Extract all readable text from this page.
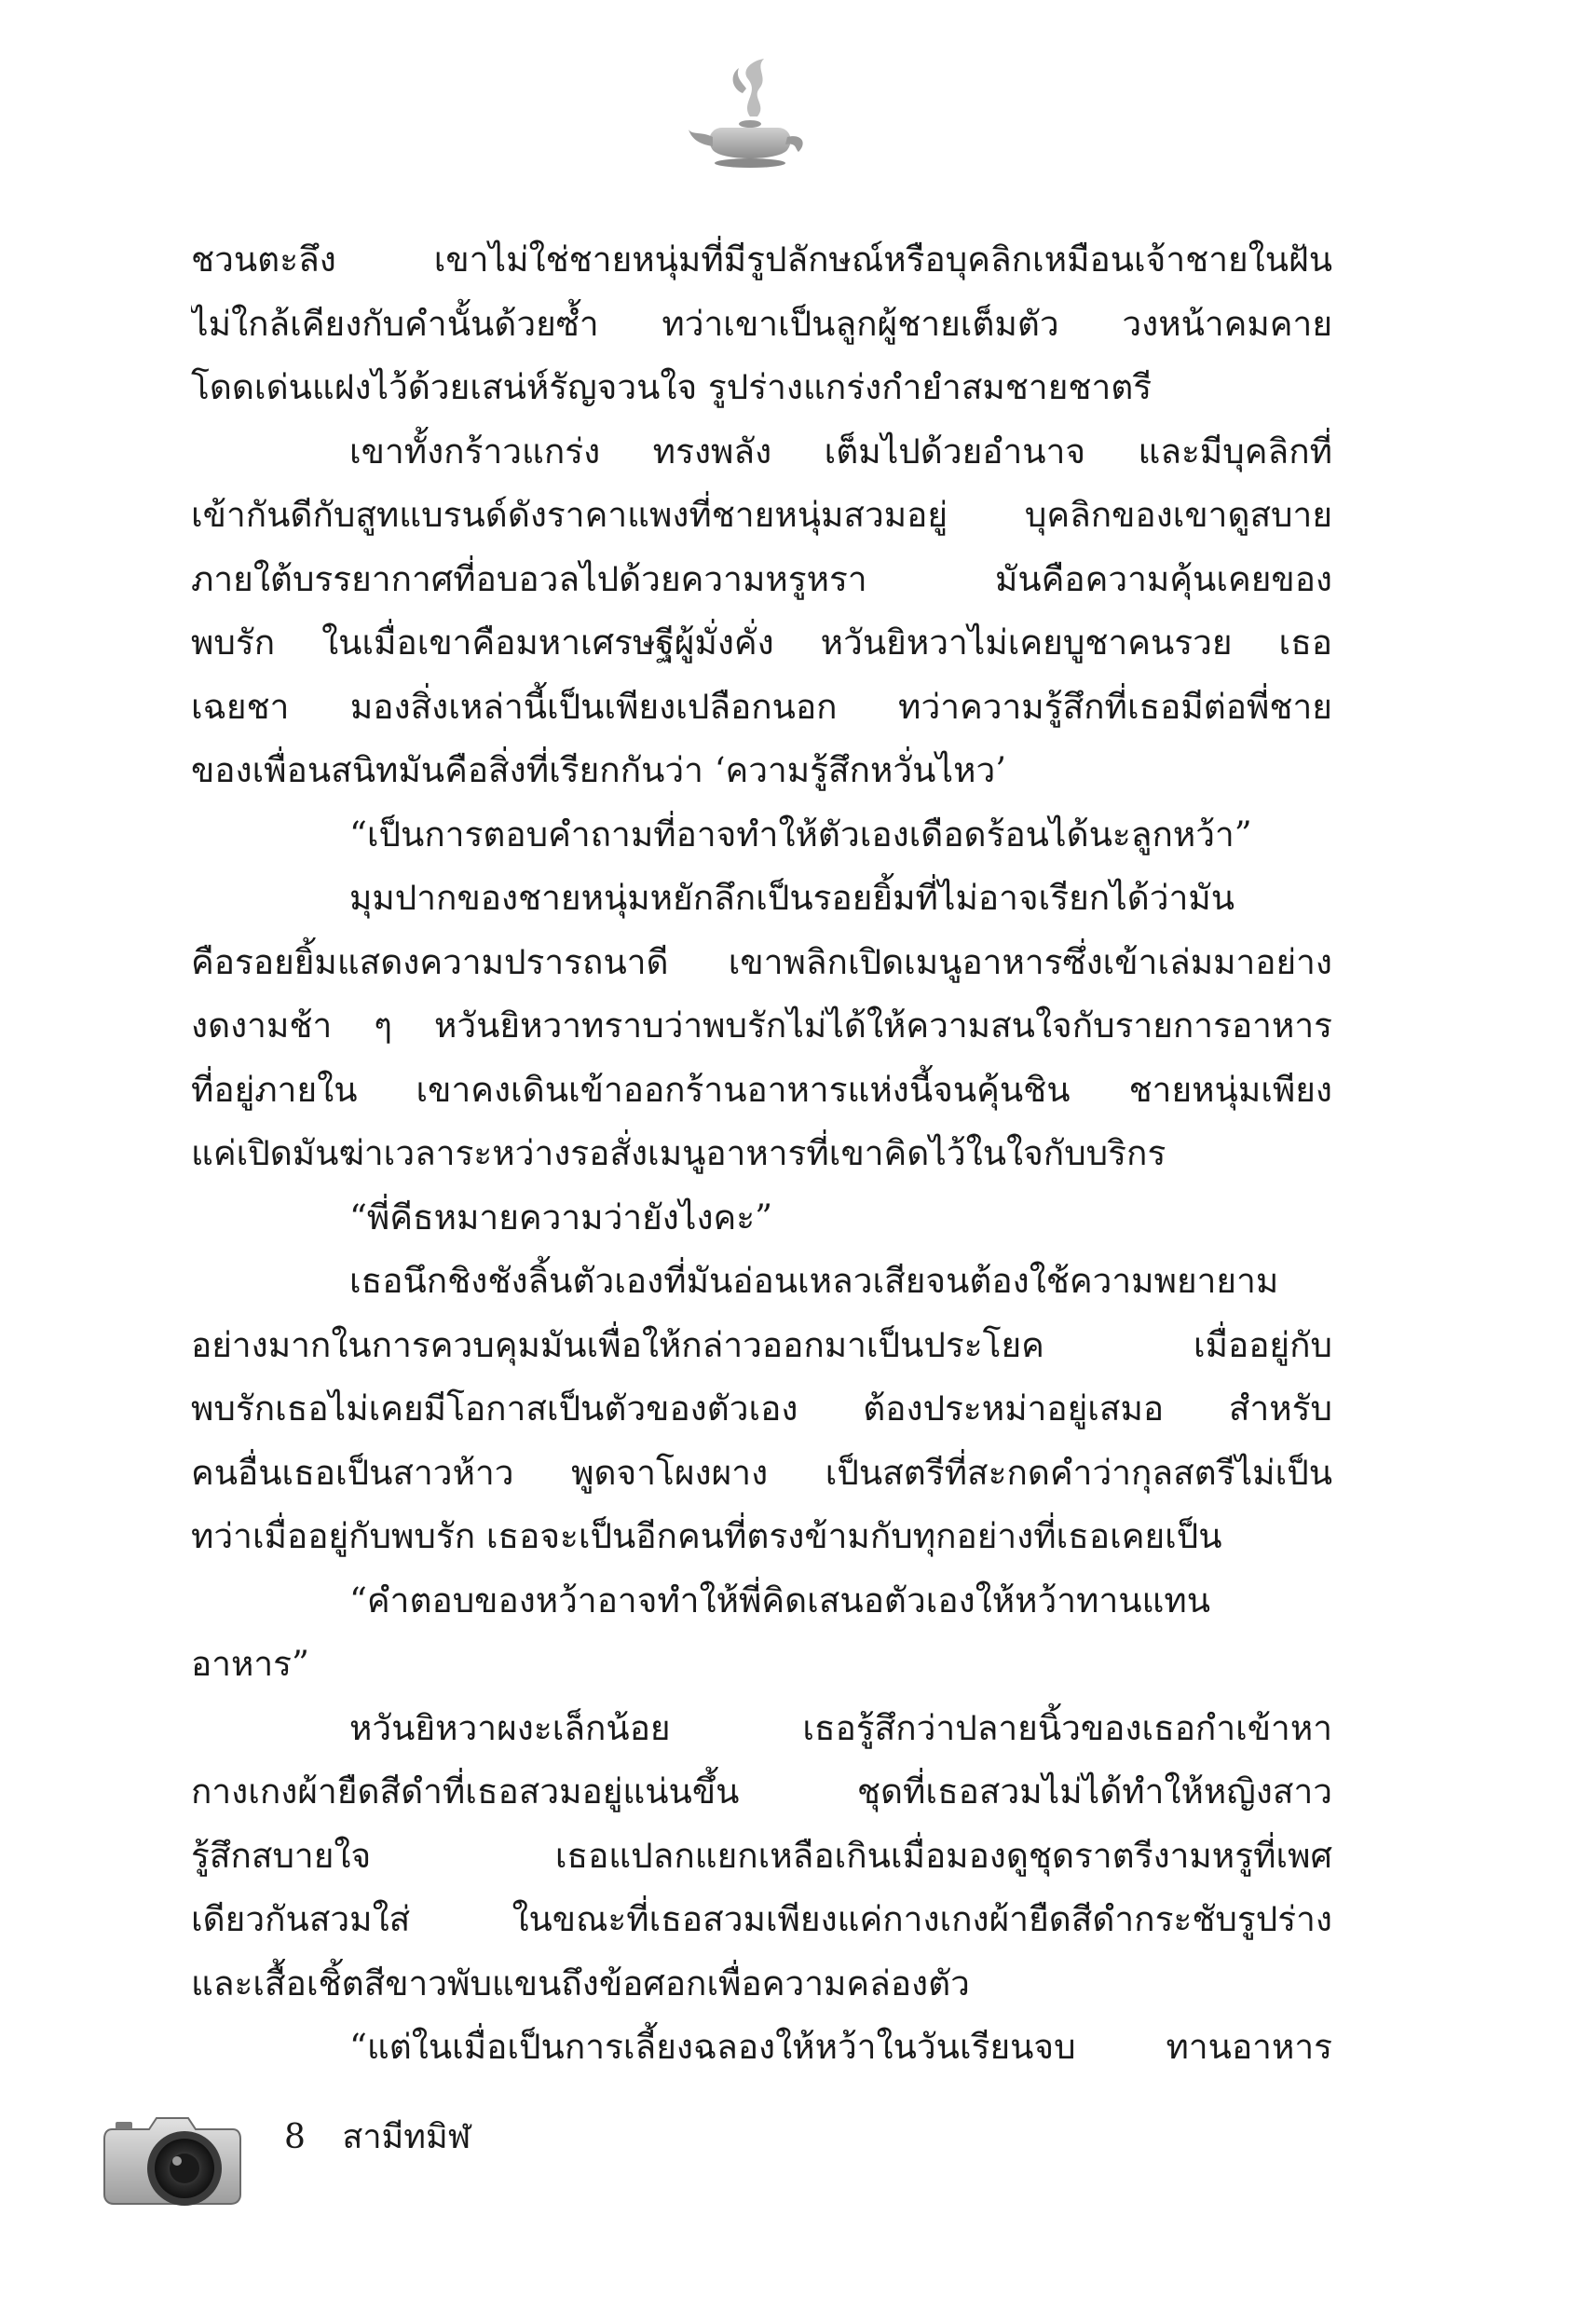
ชวนตะลึง เขาไม่ใช่ชายหนุ่มที่มีรูปลักษณ์หรือบุคลิกเหมือนเจ้าชายในฝัน
ไม่ใกล้เคียงกับคำนั้นด้วยซ้ำ ทว่าเขาเป็นลูกผู้ชายเต็มตัว วงหน้าคมคาย
โดดเด่นแฝงไว้ด้วยเสน่ห์รัญจวนใจ รูปร่างแกร่งกำยำสมชายชาตรี
เขาทั้งกร้าวแกร่ง ทรงพลัง เต็มไปด้วยอำนาจ และมีบุคลิกที่
เข้ากันดีกับสูทแบรนด์ดังราคาแพงที่ชายหนุ่มสวมอยู่ บุคลิกของเขาดูสบาย
ภายใต้บรรยากาศที่อบอวลไปด้วยความหรูหรา มันคือความคุ้นเคยของ
พบรัก ในเมื่อเขาคือมหาเศรษฐีผู้มั่งคั่ง หวันยิหวาไม่เคยบูชาคนรวย เธอ
เฉยชา มองสิ่งเหล่านี้เป็นเพียงเปลือกนอก ทว่าความรู้สึกที่เธอมีต่อพี่ชาย
ของเพื่อนสนิทมันคือสิ่งที่เรียกกันว่า ‘ความรู้สึกหวั่นไหว’
“เป็นการตอบคำถามที่อาจทำให้ตัวเองเดือดร้อนได้นะลูกหว้า”
มุมปากของชายหนุ่มหยักลึกเป็นรอยยิ้มที่ไม่อาจเรียกได้ว่ามัน
คือรอยยิ้มแสดงความปรารถนาดี เขาพลิกเปิดเมนูอาหารซึ่งเข้าเล่มมาอย่าง
งดงามช้า ๆ หวันยิหวาทราบว่าพบรักไม่ได้ให้ความสนใจกับรายการอาหาร
ที่อยู่ภายใน เขาคงเดินเข้าออกร้านอาหารแห่งนี้จนคุ้นชิน ชายหนุ่มเพียง
แค่เปิดมันฆ่าเวลาระหว่างรอสั่งเมนูอาหารที่เขาคิดไว้ในใจกับบริกร
“พี่คีธหมายความว่ายังไงคะ”
เธอนึกชิงชังลิ้นตัวเองที่มันอ่อนเหลวเสียจนต้องใช้ความพยายาม
อย่างมากในการควบคุมมันเพื่อให้กล่าวออกมาเป็นประโยค เมื่ออยู่กับ
พบรักเธอไม่เคยมีโอกาสเป็นตัวของตัวเอง ต้องประหม่าอยู่เสมอ สำหรับ
คนอื่นเธอเป็นสาวห้าว พูดจาโผงผาง เป็นสตรีที่สะกดคำว่ากุลสตรีไม่เป็น
ทว่าเมื่ออยู่กับพบรัก เธอจะเป็นอีกคนที่ตรงข้ามกับทุกอย่างที่เธอเคยเป็น
“คำตอบของหว้าอาจทำให้พี่คิดเสนอตัวเองให้หว้าทานแทน
อาหาร”
หวันยิหวาผงะเล็กน้อย เธอรู้สึกว่าปลายนิ้วของเธอกำเข้าหา
กางเกงผ้ายืดสีดำที่เธอสวมอยู่แน่นขึ้น ชุดที่เธอสวมไม่ได้ทำให้หญิงสาว
รู้สึกสบายใจ เธอแปลกแยกเหลือเกินเมื่อมองดูชุดราตรีงามหรูที่เพศ
เดียวกันสวมใส่ ในขณะที่เธอสวมเพียงแค่กางเกงผ้ายืดสีดำกระชับรูปร่าง
และเสื้อเชิ้ตสีขาวพับแขนถึงข้อศอกเพื่อความคล่องตัว
“แต่ในเมื่อเป็นการเลี้ยงฉลองให้หว้าในวันเรียนจบ ทานอาหาร
8 สามีทมิฬ
